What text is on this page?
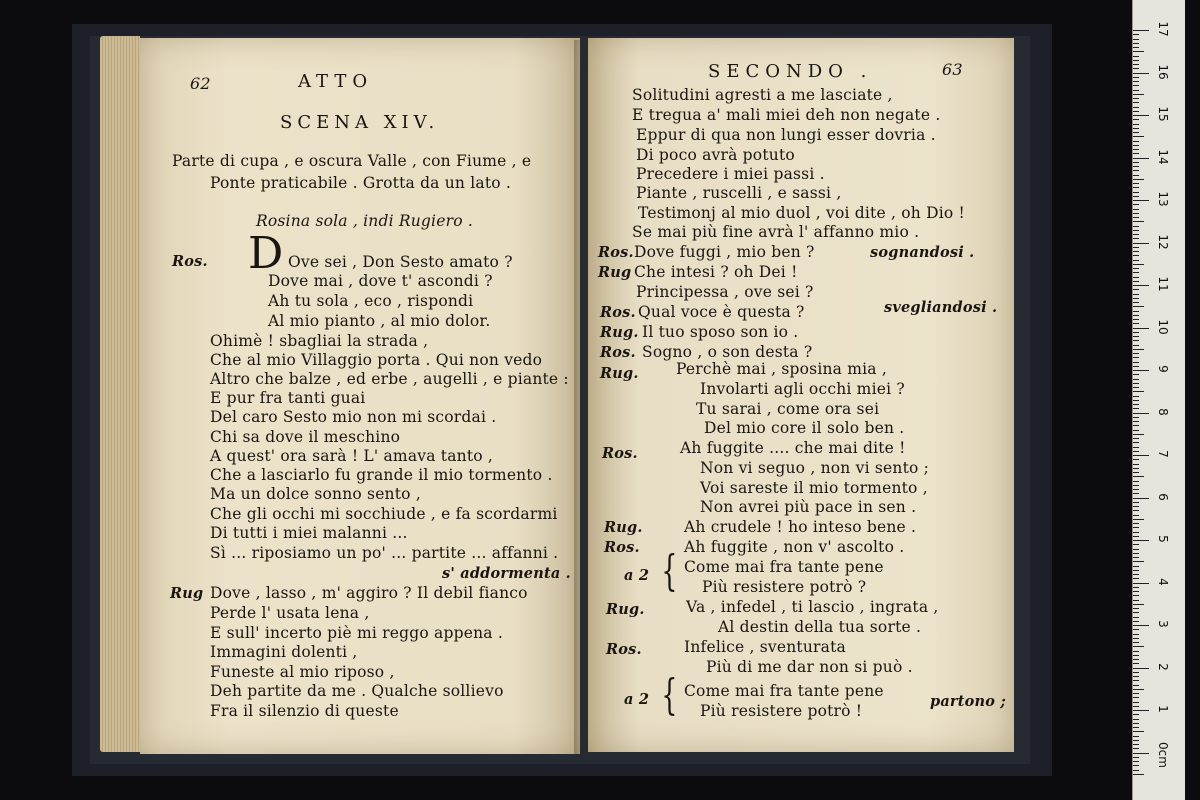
62	ATTO
SCENA XIV.
Parte di cupa , e oscura Valle , con Fiume , e
Ponte praticabile . Grotta da un lato .
Rosina sola , indi Rugiero .
Ros. D Ove sei , Don Sesto amato ?
Dove mai , dove t' ascondi ?
Ah tu sola , eco , rispondi
Al mio pianto , al mio dolor.
Ohimè ! sbagliai la strada ,
Che al mio Villaggio porta . Qui non vedo
Altro che balze , ed erbe , augelli , e piante :
E pur fra tanti guai
Del caro Sesto mio non mi scordai .
Chi sa dove il meschino
A quest' ora sarà ! L' amava tanto ,
Che a lasciarlo fu grande il mio tormento .
Ma un dolce sonno sento ,
Che gli occhi mi socchiude , e fa scordarmi
Di tutti i miei malanni ...
Sì ... riposiamo un po' ... partite ... affanni .
s' addormenta .
Rug Dove , lasso , m' aggiro ? Il debil fianco
Perde l' usata lena ,
E sull' incerto piè mi reggo appena .
Immagini dolenti ,
Funeste al mio riposo ,
Deh partite da me . Qualche sollievo
Fra il silenzio di queste
SECONDO .	63
Solitudini agresti a me lasciate ,
E tregua a' mali miei deh non negate .
Eppur di qua non lungi esser dovria .
Di poco avrà potuto
Precedere i miei passi .
Piante , ruscelli , e sassi ,
Testimonj al mio duol , voi dite , oh Dio !
Se mai più fine avrà l' affanno mio .
Ros. Dove fuggi , mio ben ?	sognandosi .
Rug Che intesi ? oh Dei !
Principessa , ove sei ?
Ros. Qual voce è questa ?	svegliandosi .
Rug. Il tuo sposo son io .
Ros. Sogno , o son desta ?
Rug. Perchè mai , sposina mia ,
Involarti agli occhi miei ?
Tu sarai , come ora sei
Del mio core il solo ben .
Ros.	Ah fuggite .... che mai dite !
Non vi seguo , non vi sento ;
Voi sareste il mio tormento ,
Non avrei più pace in sen .
Rug.	Ah crudele ! ho inteso bene .
Ros.	Ah fuggite , non v' ascolto .
a 2 { Come mai fra tante pene
Più resistere potrò ?
Rug.	Va , infedel , ti lascio , ingrata ,
Al destin della tua sorte .
Ros.	Infelice , sventurata
Più di me dar non si può .
a 2 { Come mai fra tante pene
Più resistere potrò !
partono ;
17
16
15
14
13
12
11
10
9
8
7
6
5
4
3
2
1
0cm
